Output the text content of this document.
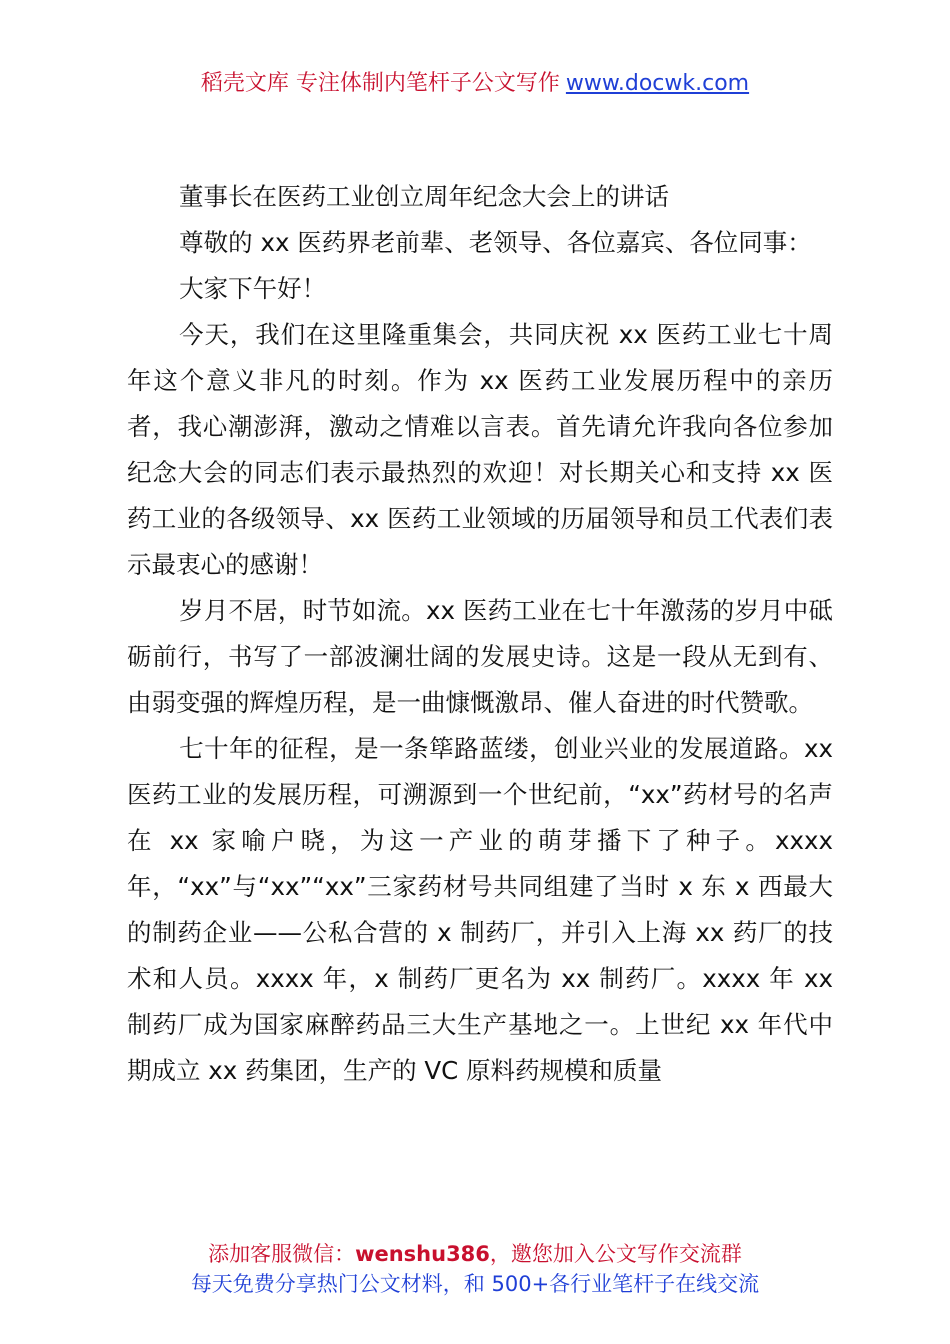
稻壳文库 专注体制内笔杆子公文写作 www.docwk.com
董事长在医药工业创立周年纪念大会上的讲话

尊敬的 xx 医药界老前辈、老领导、各位嘉宾、各位同事：

大家下午好！

今天，我们在这里隆重集会，共同庆祝 xx 医药工业七十周年这个意义非凡的时刻。作为 xx 医药工业发展历程中的亲历者，我心潮澎湃，激动之情难以言表。首先请允许我向各位参加纪念大会的同志们表示最热烈的欢迎！对长期关心和支持 xx 医药工业的各级领导、xx 医药工业领域的历届领导和员工代表们表示最衷心的感谢！

岁月不居，时节如流。xx 医药工业在七十年激荡的岁月中砥砺前行，书写了一部波澜壮阔的发展史诗。这是一段从无到有、由弱变强的辉煌历程，是一曲慷慨激昂、催人奋进的时代赞歌。

七十年的征程，是一条筚路蓝缕，创业兴业的发展道路。xx 医药工业的发展历程，可溯源到一个世纪前，“xx”药材号的名声在 xx 家喻户晓，为这一产业的萌芽播下了种子。xxxx 年，“xx”与“xx”“xx”三家药材号共同组建了当时 x 东 x 西最大的制药企业——公私合营的 x 制药厂，并引入上海 xx 药厂的技术和人员。xxxx 年，x 制药厂更名为 xx 制药厂。xxxx 年 xx 制药厂成为国家麻醉药品三大生产基地之一。上世纪 xx 年代中期成立 xx 药集团，生产的 VC 原料药规模和质量

添加客服微信：wenshu386，邀您加入公文写作交流群
每天免费分享热门公文材料，和 500+各行业笔杆子在线交流
